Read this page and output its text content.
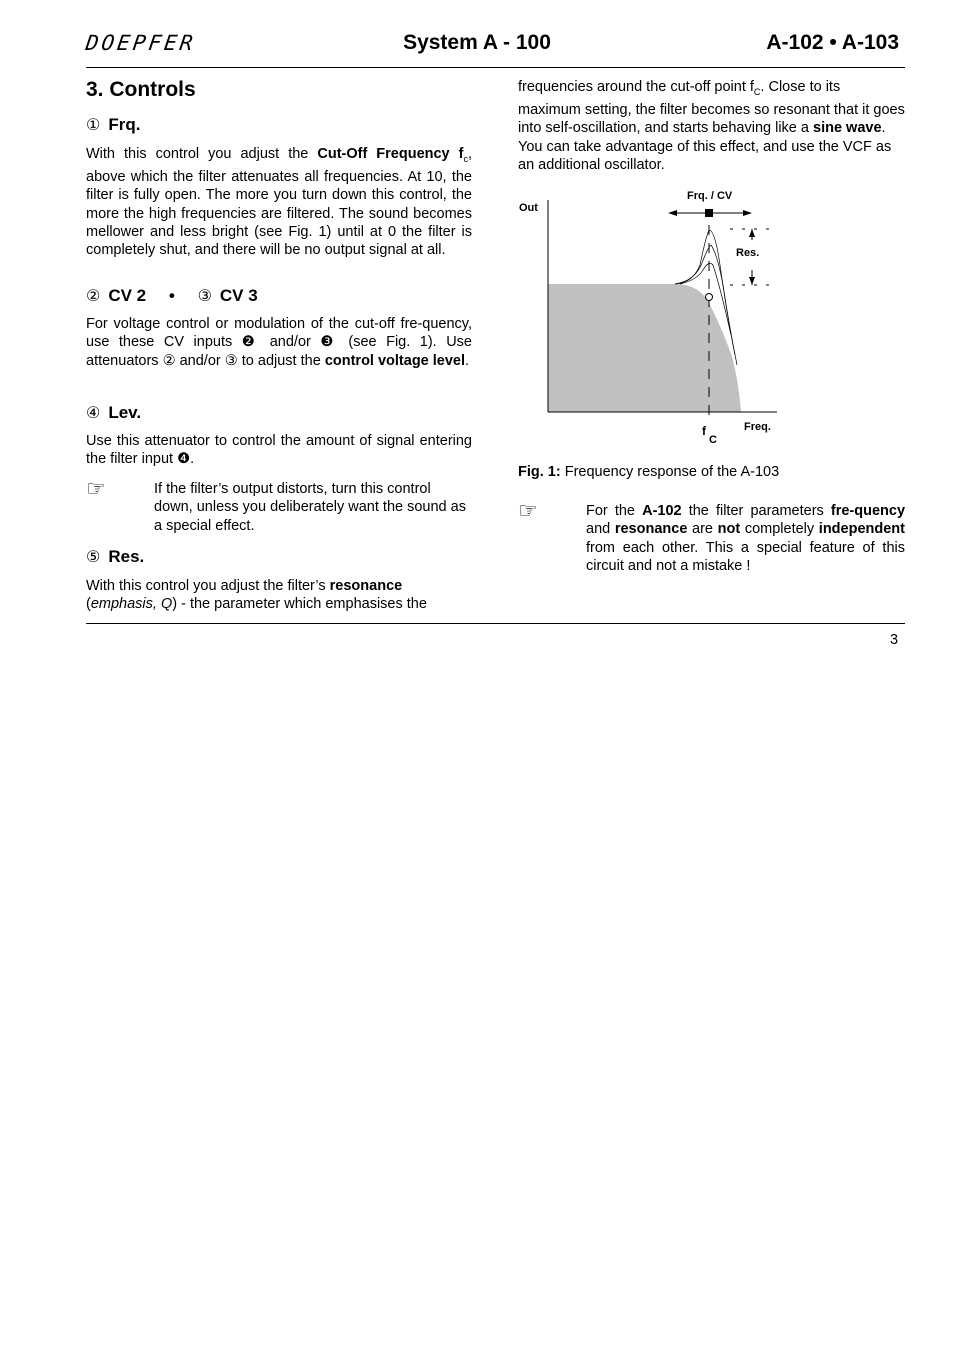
DOEPFER	System A - 100	A-102 • A-103
3. Controls
① Frq.
With this control you adjust the Cut-Off Frequency $f_c$, above which the filter attenuates all frequencies. At 10, the filter is fully open. The more you turn down this control, the more the high frequencies are filtered. The sound becomes mellower and less bright (see Fig. 1) until at 0 the filter is completely shut, and there will be no output signal at all.
② CV 2 • ③ CV 3
For voltage control or modulation of the cut-off fre-quency, use these CV inputs ❷ and/or ❸ (see Fig. 1). Use attenuators ② and/or ③ to adjust the control voltage level.
④ Lev.
Use this attenuator to control the amount of signal entering the filter input ❹.
☞	If the filter’s output distorts, turn this control down, unless you deliberately want the sound as a special effect.
⑤ Res.
With this control you adjust the filter’s resonance
(emphasis, Q) - the parameter which emphasises the
frequencies around the cut-off point $f_C$. Close to its maximum setting, the filter becomes so resonant that it goes into self-oscillation, and starts behaving like a sine wave. You can take advantage of this effect, and use the VCF as an additional oscillator.
Out
Frq. / CV
Res.
f
C
Freq.
Fig. 1: Frequency response of the A-103
☞	For the A-102 the filter parameters fre-quency and resonance are not completely independent from each other. This a special feature of this circuit and not a mistake !
3
